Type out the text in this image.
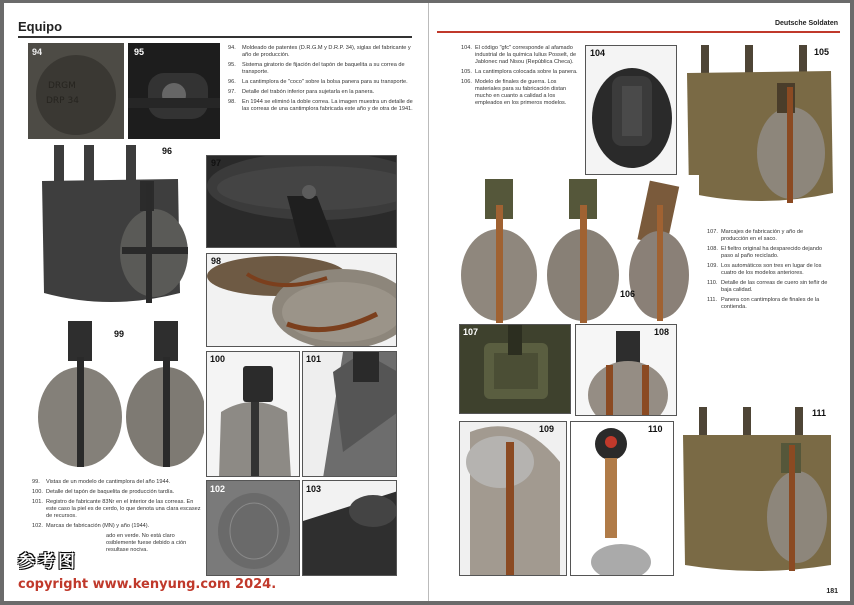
Equipo
DRGM
DRP 34
94	95	94.	Moldeado de patentes (D.R.G.M y D.R.P. 34), siglas del fabricante y año de producción.
95.	Sistema giratorio de fijación del tapón de baquelita a su correa de transporte.
96.	La cantimplora de "coco" sobre la bolsa panera para su transporte.
97.	Detalle del trabón inferior para sujetarla en la panera.
98.	En 1944 se eliminó la doble correa. La imagen muestra un detalle de las correas de una cantimplora fabricada este año y de otra de 1941.
96
97
98
99
100	101
102	103
99.	Vistas de un modelo de cantimplora del año 1944.
100. Detalle del tapón de baquelita de producción tardía.
101. Registro de fabricante 83Nr en el interior de las correas. En este caso la piel es de cerdo, lo que denota una clara escasez de recursos.
102. Marcas de fabricación (MN) y año (1944).
ado en verde. No está claro osiblemente fuese debido a ción resultase nociva.
参考图
copyright www.kenyung.com 2024.
Deutsche Soldaten
104. El código "gfc" corresponde al afamado industrial de la química Iulius Posselt, de Jablonec nad Nisou (República Checa).
105. La cantimplora colocada sobre la panera.
106. Modelo de finales de guerra. Los materiales para su fabricación distan mucho en cuanto a calidad a los empleados en los primeros modelos.
104	105
106
107	108
107. Marcajes de fabricación y año de producción en el saco.
108. El fieltro original ha desparecido dejando paso al paño reciclado.
109. Los automáticos son tres en lugar de los cuatro de los modelos anteriores.
110. Detalle de las correas de cuero sin teñir de baja calidad.
111. Panera con cantimplora de finales de la contienda.
109	110
111
181
